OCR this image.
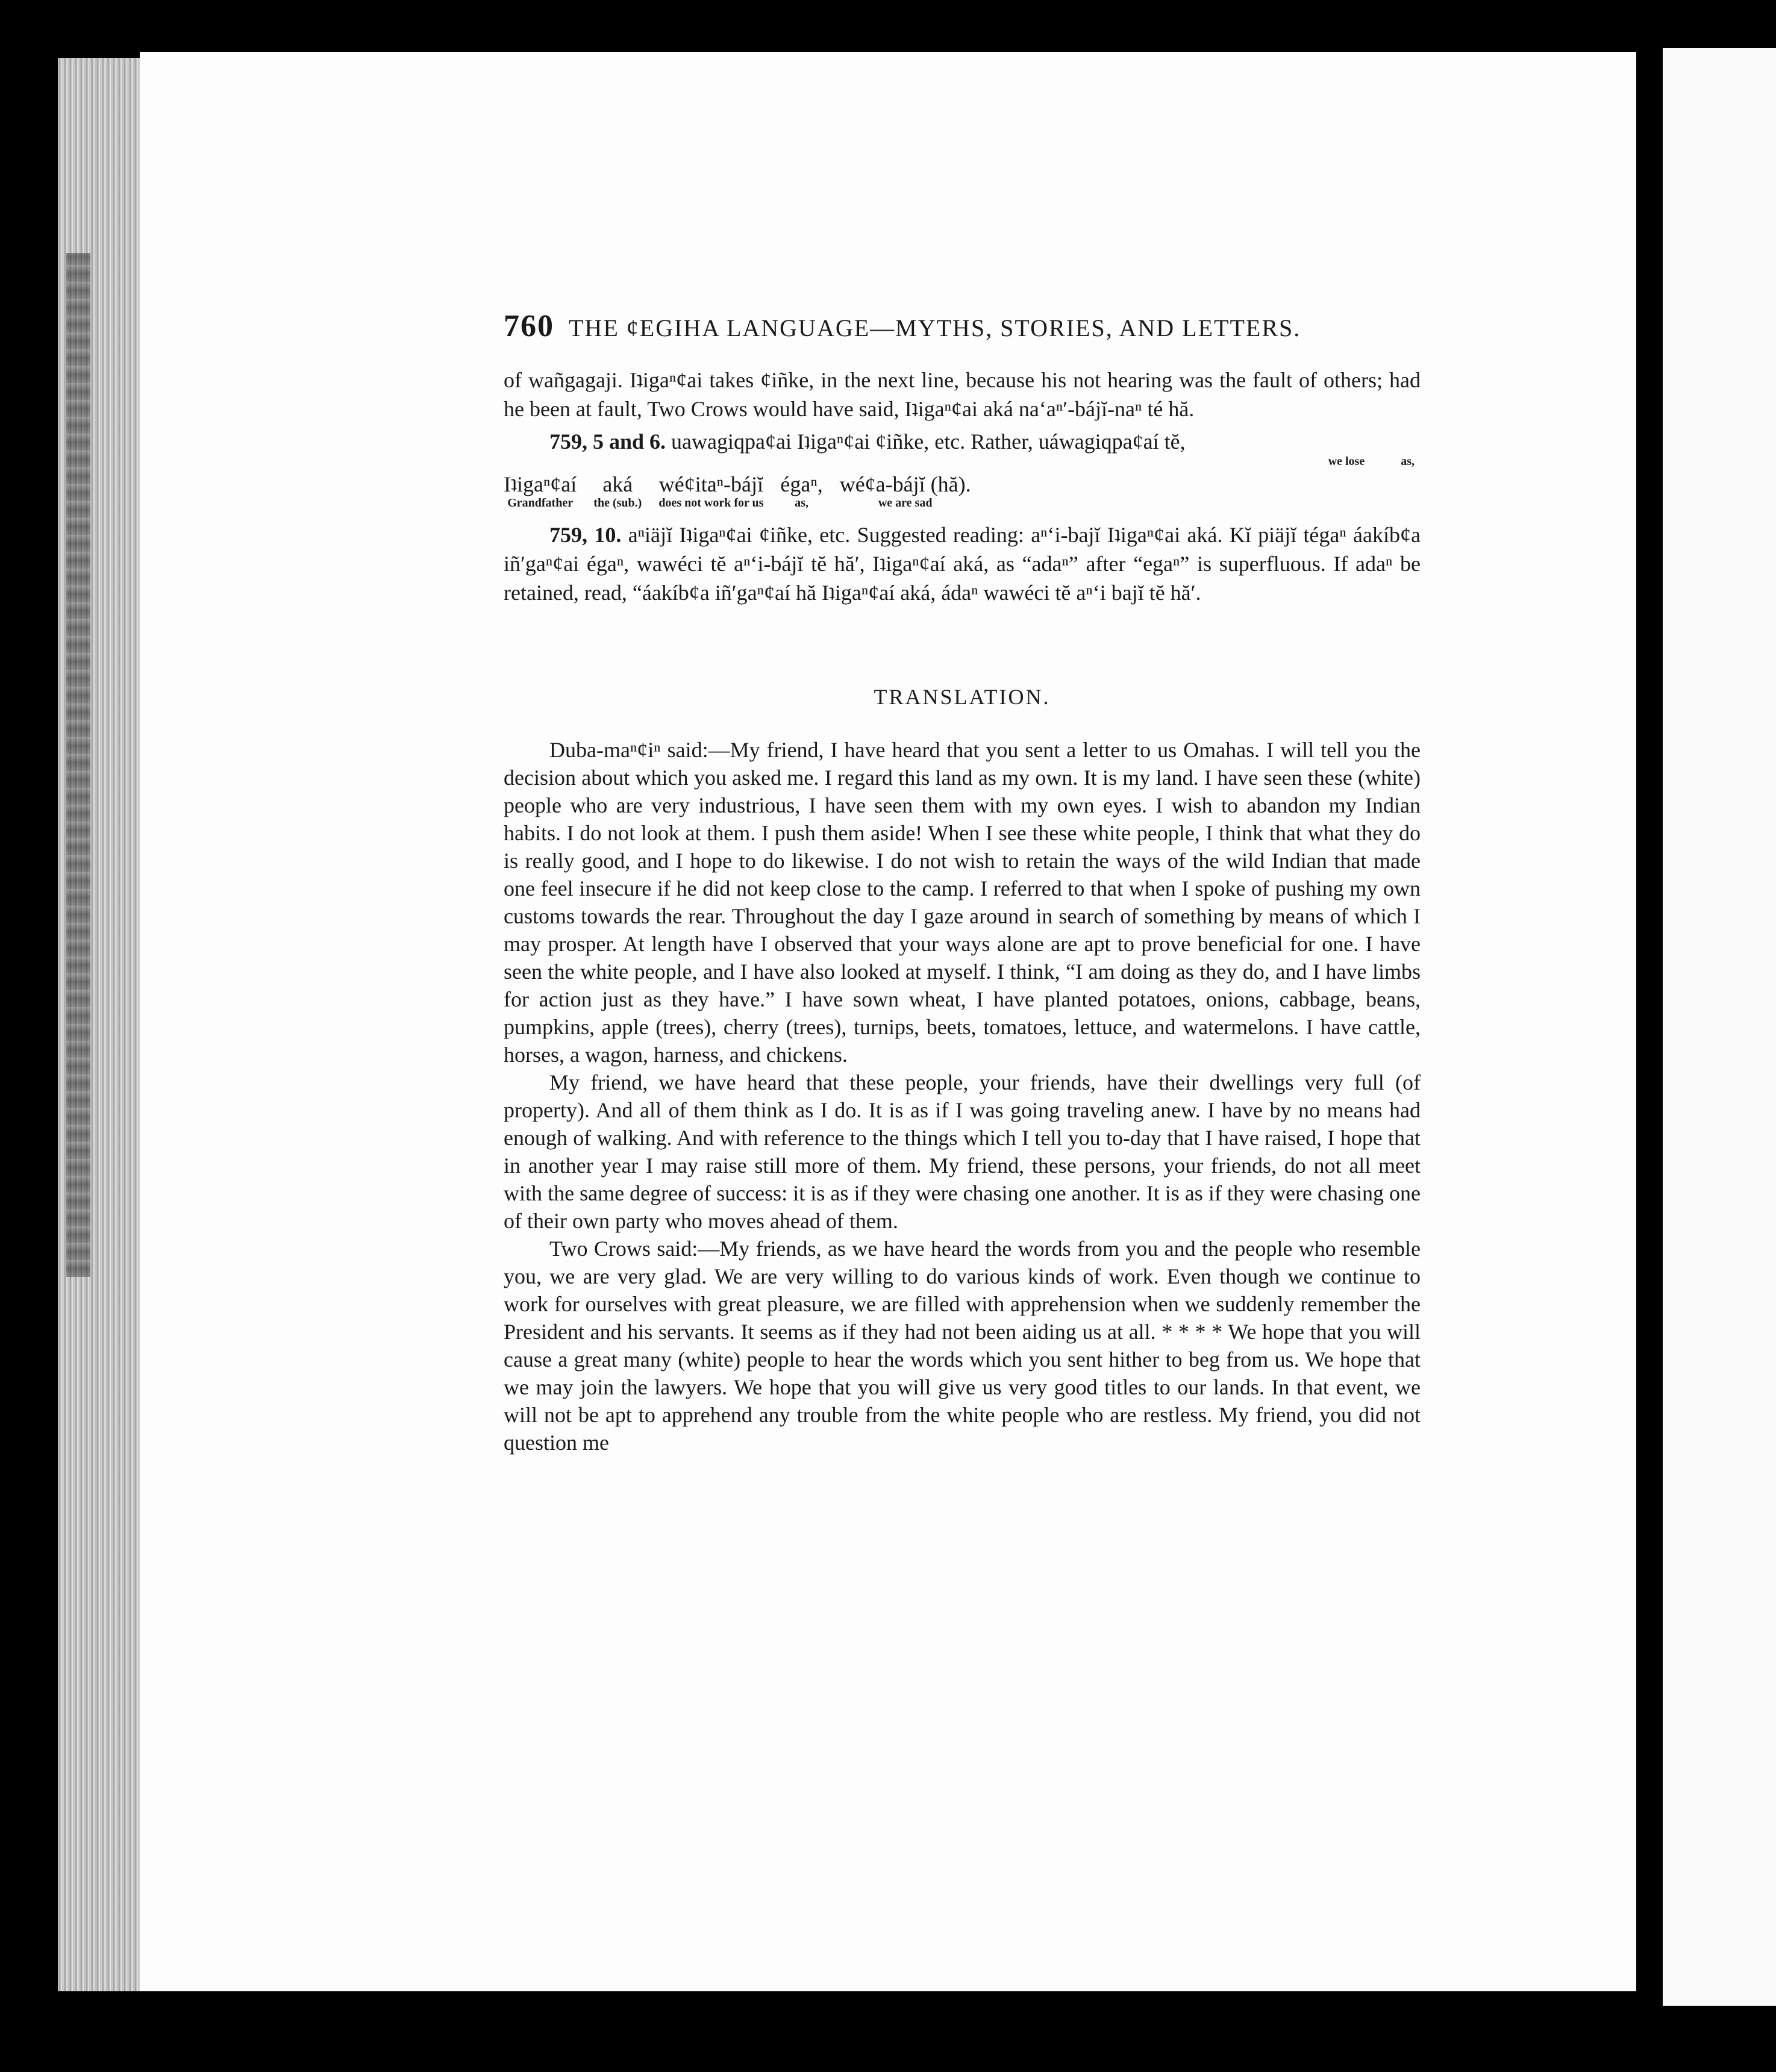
760 THE ¢EGIHA LANGUAGE—MYTHS, STORIES, AND LETTERS.

of wañgagaji. Iʇigaⁿ¢ai takes ¢iñke, in the next line, because his not hearing was the fault of others; had he been at fault, Two Crows would have said, Iʇigaⁿ¢ai aká naʻaⁿ′-bájĭ-naⁿ té hă.

759, 5 and 6. uawagiqpa¢ai Iʇigaⁿ¢ai ¢iñke, etc. Rather, uáwagiqpa¢aí tĕ,

we lose	as,
Iʇigaⁿ¢aí
Grandfather
aká
the (sub.)
wé¢itaⁿ-bájĭ
does not work for us
égaⁿ,
as,
wé¢a-bájĭ (hă).
we are sad

759, 10. aⁿiäjĭ Iʇigaⁿ¢ai ¢iñke, etc. Suggested reading: aⁿʻi-bajĭ Iʇigaⁿ¢ai aká. Kĭ piäjĭ tégaⁿ áakíb¢a iñ′gaⁿ¢ai égaⁿ, wawéci tĕ aⁿʻi-bájĭ tĕ hă′, Iʇigaⁿ¢aí aká, as “adaⁿ” after “egaⁿ” is superfluous. If adaⁿ be retained, read, “áakíb¢a iñ′gaⁿ¢aí hă Iʇigaⁿ¢aí aká, ádaⁿ wawéci tĕ aⁿʻi bajĭ tĕ hă′.

TRANSLATION.

Duba-maⁿ¢iⁿ said:—My friend, I have heard that you sent a letter to us Omahas. I will tell you the decision about which you asked me. I regard this land as my own. It is my land. I have seen these (white) people who are very industrious, I have seen them with my own eyes. I wish to abandon my Indian habits. I do not look at them. I push them aside! When I see these white people, I think that what they do is really good, and I hope to do likewise. I do not wish to retain the ways of the wild Indian that made one feel insecure if he did not keep close to the camp. I referred to that when I spoke of pushing my own customs towards the rear. Throughout the day I gaze around in search of something by means of which I may prosper. At length have I observed that your ways alone are apt to prove beneficial for one. I have seen the white people, and I have also looked at myself. I think, “I am doing as they do, and I have limbs for action just as they have.” I have sown wheat, I have planted potatoes, onions, cabbage, beans, pumpkins, apple (trees), cherry (trees), turnips, beets, tomatoes, lettuce, and watermelons. I have cattle, horses, a wagon, harness, and chickens.

My friend, we have heard that these people, your friends, have their dwellings very full (of property). And all of them think as I do. It is as if I was going traveling anew. I have by no means had enough of walking. And with reference to the things which I tell you to-day that I have raised, I hope that in another year I may raise still more of them. My friend, these persons, your friends, do not all meet with the same degree of success: it is as if they were chasing one another. It is as if they were chasing one of their own party who moves ahead of them.

Two Crows said:—My friends, as we have heard the words from you and the people who resemble you, we are very glad. We are very willing to do various kinds of work. Even though we continue to work for ourselves with great pleasure, we are filled with apprehension when we suddenly remember the President and his servants. It seems as if they had not been aiding us at all. * * * * We hope that you will cause a great many (white) people to hear the words which you sent hither to beg from us. We hope that we may join the lawyers. We hope that you will give us very good titles to our lands. In that event, we will not be apt to apprehend any trouble from the white people who are restless. My friend, you did not question me
